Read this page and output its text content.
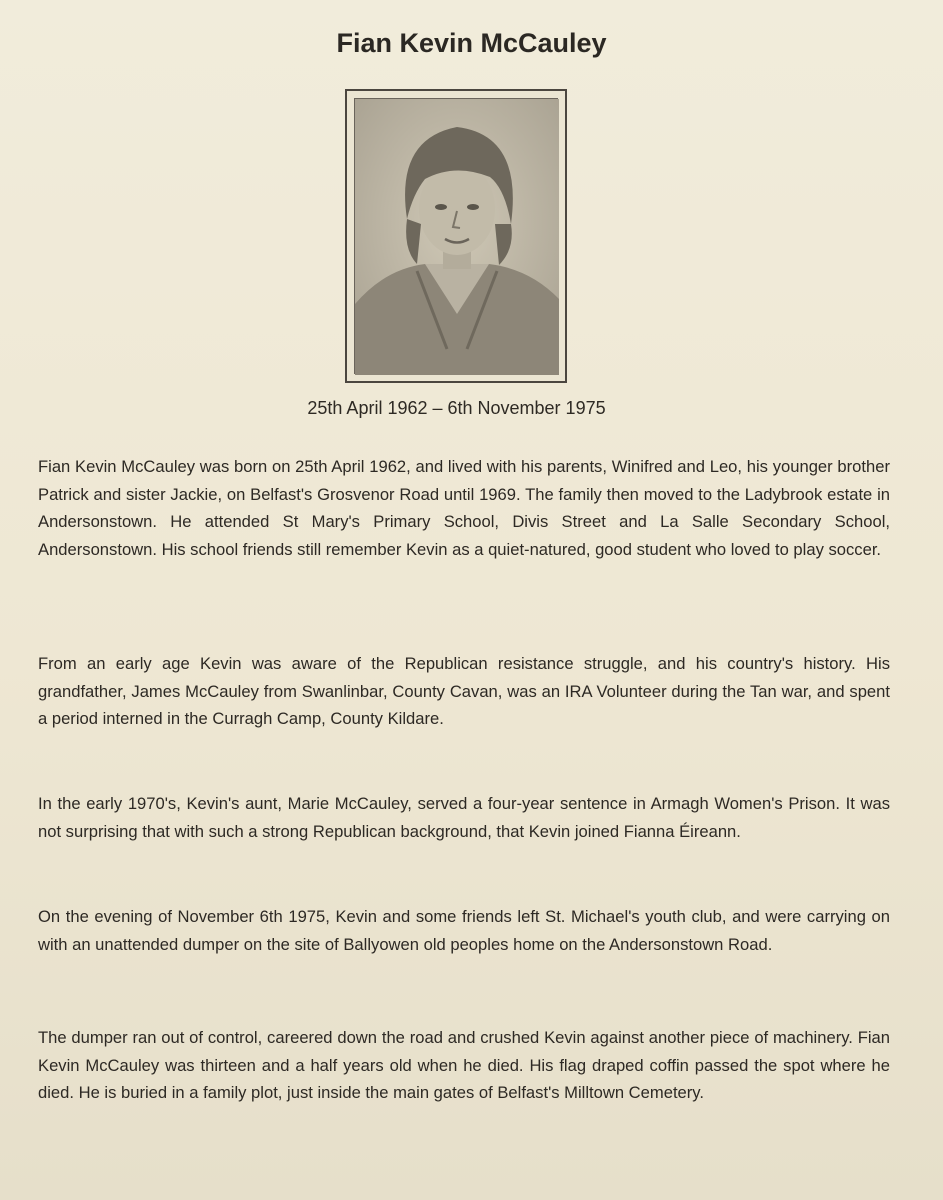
Fian Kevin McCauley
25th April 1962 – 6th November 1975

Fian Kevin McCauley was born on 25th April 1962, and lived with his parents, Winifred and Leo, his younger brother Patrick and sister Jackie, on Belfast's Grosvenor Road until 1969. The family then moved to the Ladybrook estate in Andersonstown. He attended St Mary's Primary School, Divis Street and La Salle Secondary School, Andersonstown. His school friends still remember Kevin as a quiet-natured, good student who loved to play soccer.

From an early age Kevin was aware of the Republican resistance struggle, and his country's history. His grandfather, James McCauley from Swanlinbar, County Cavan, was an IRA Volunteer during the Tan war, and spent a period interned in the Curragh Camp, County Kildare.

In the early 1970's, Kevin's aunt, Marie McCauley, served a four-year sentence in Armagh Women's Prison. It was not surprising that with such a strong Republican background, that Kevin joined Fianna Éireann.

On the evening of November 6th 1975, Kevin and some friends left St. Michael's youth club, and were carrying on with an unattended dumper on the site of Ballyowen old peoples home on the Andersonstown Road.

The dumper ran out of control, careered down the road and crushed Kevin against another piece of machinery. Fian Kevin McCauley was thirteen and a half years old when he died. His flag draped coffin passed the spot where he died. He is buried in a family plot, just inside the main gates of Belfast's Milltown Cemetery.
